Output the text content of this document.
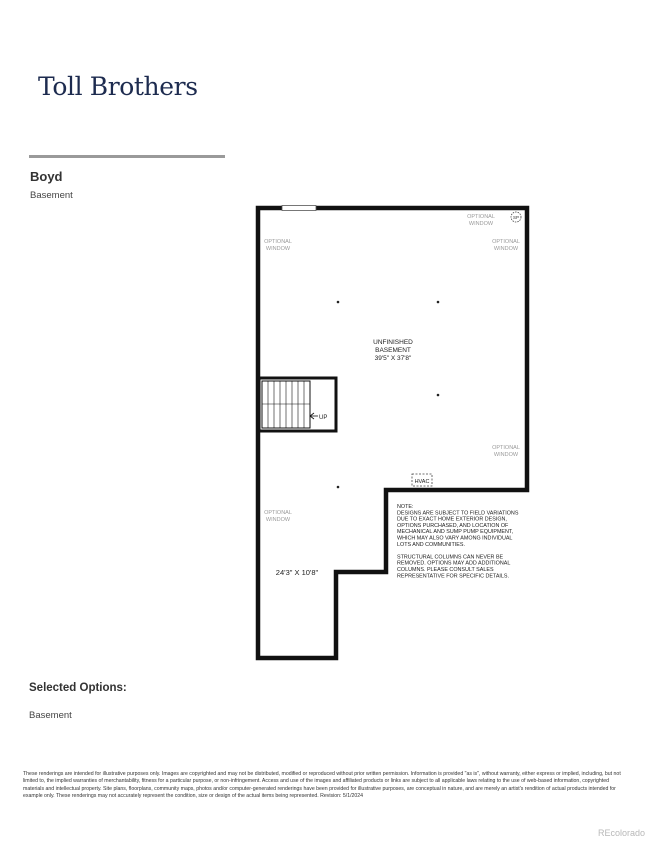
Toll Brothers
Boyd
Basement
SP
OPTIONAL
WINDOW
OPTIONAL
WINDOW
OPTIONAL
WINDOW
OPTIONAL
WINDOW
OPTIONAL
WINDOW
UNFINISHED
BASEMENT
39'5" X 37'8"
24'3" X 10'8"
UP
HVAC
NOTE:
DESIGNS ARE SUBJECT TO FIELD VARIATIONS
DUE TO EXACT HOME EXTERIOR DESIGN,
OPTIONS PURCHASED, AND LOCATION OF
MECHANICAL AND SUMP PUMP EQUIPMENT,
WHICH MAY ALSO VARY AMONG INDIVIDUAL
LOTS AND COMMUNITIES.
STRUCTURAL COLUMNS CAN NEVER BE
REMOVED. OPTIONS MAY ADD ADDITIONAL
COLUMNS. PLEASE CONSULT SALES
REPRESENTATIVE FOR SPECIFIC DETAILS.
Selected Options:
Basement
These renderings are intended for illustrative purposes only. Images are copyrighted and may not be distributed, modified or reproduced without prior written permission. Information is provided "as is", without warranty, either express or implied, including, but not limited to, the implied warranties of merchantability, fitness for a particular purpose, or non-infringement. Access and use of the images and affiliated products or links are subject to all applicable laws relating to the use of web-based information, copyrighted materials and intellectual property. Site plans, floorplans, community maps, photos and/or computer-generated renderings have been provided for illustrative purposes, are conceptual in nature, and are merely an artist's rendition of actual products intended for example only. These renderings may not accurately represent the condition, size or design of the actual items being represented. Revision: 5/1/2024
REcolorado
